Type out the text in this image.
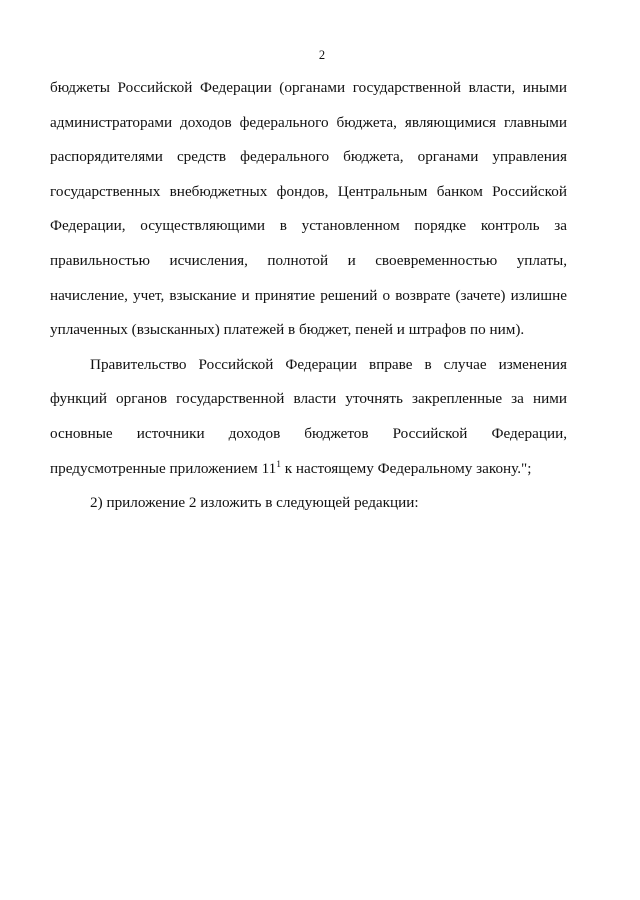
2
бюджеты Российской Федерации (органами государственной власти, иными
администраторами доходов федерального бюджета, являющимися главными
распорядителями средств федерального бюджета, органами управления
государственных внебюджетных фондов, Центральным банком Российской
Федерации, осуществляющими в установленном порядке контроль за
правильностью исчисления, полнотой и своевременностью уплаты,
начисление, учет, взыскание и принятие решений о возврате (зачете) излишне
уплаченных (взысканных) платежей в бюджет, пеней и штрафов по ним).
Правительство Российской Федерации вправе в случае изменения
функций органов государственной власти уточнять закрепленные за ними
основные источники доходов бюджетов Российской Федерации,
предусмотренные приложением $11^1$ к настоящему Федеральному закону.";
2) приложение 2 изложить в следующей редакции:
